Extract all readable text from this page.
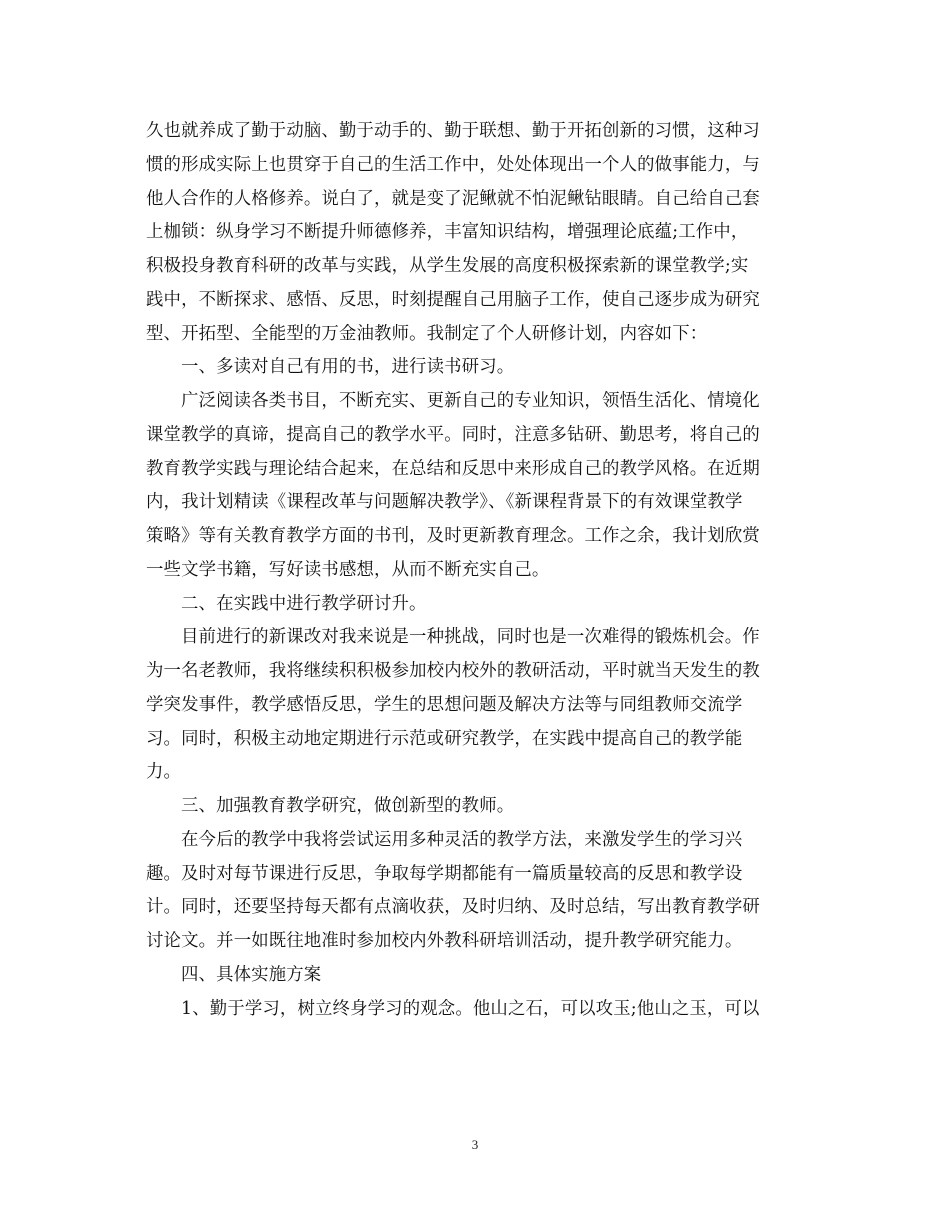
久也就养成了勤于动脑、勤于动手的、勤于联想、勤于开拓创新的习惯，这种习
惯的形成实际上也贯穿于自己的生活工作中，处处体现出一个人的做事能力，与
他人合作的人格修养。说白了，就是变了泥鳅就不怕泥鳅钻眼睛。自己给自己套
上枷锁：纵身学习不断提升师德修养，丰富知识结构，增强理论底蕴;工作中，
积极投身教育科研的改革与实践，从学生发展的高度积极探索新的课堂教学;实
践中，不断探求、感悟、反思，时刻提醒自己用脑子工作，使自己逐步成为研究
型、开拓型、全能型的万金油教师。我制定了个人研修计划，内容如下：
一、多读对自己有用的书，进行读书研习。
广泛阅读各类书目，不断充实、更新自己的专业知识，领悟生活化、情境化
课堂教学的真谛，提高自己的教学水平。同时，注意多钻研、勤思考，将自己的
教育教学实践与理论结合起来，在总结和反思中来形成自己的教学风格。在近期
内，我计划精读《课程改革与问题解决教学》、《新课程背景下的有效课堂教学
策略》等有关教育教学方面的书刊，及时更新教育理念。工作之余，我计划欣赏
一些文学书籍，写好读书感想，从而不断充实自己。
二、在实践中进行教学研讨升。
目前进行的新课改对我来说是一种挑战，同时也是一次难得的锻炼机会。作
为一名老教师，我将继续积积极参加校内校外的教研活动，平时就当天发生的教
学突发事件，教学感悟反思，学生的思想问题及解决方法等与同组教师交流学
习。同时，积极主动地定期进行示范或研究教学，在实践中提高自己的教学能
力。
三、加强教育教学研究，做创新型的教师。
在今后的教学中我将尝试运用多种灵活的教学方法，来激发学生的学习兴
趣。及时对每节课进行反思，争取每学期都能有一篇质量较高的反思和教学设
计。同时，还要坚持每天都有点滴收获，及时归纳、及时总结，写出教育教学研
讨论文。并一如既往地准时参加校内外教科研培训活动，提升教学研究能力。
四、具体实施方案
1、勤于学习，树立终身学习的观念。他山之石，可以攻玉;他山之玉，可以
3
